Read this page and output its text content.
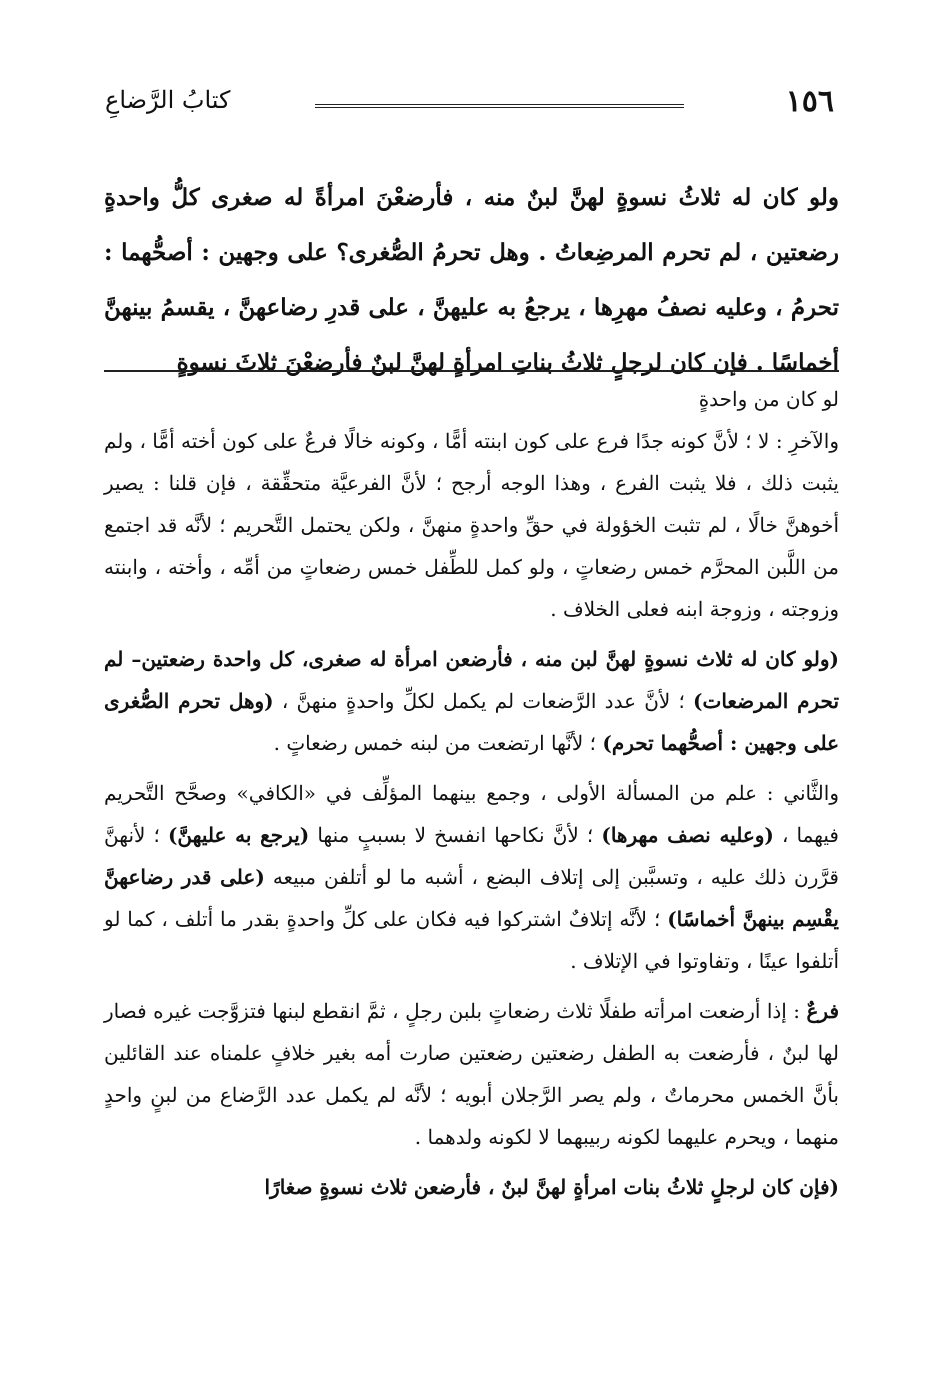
١٥٦
كتابُ الرَّضاعِ

ولو كان له ثلاثُ نسوةٍ لهنَّ لبنٌ منه ، فأرضعْنَ امرأةً له صغرى كلُّ واحدةٍ رضعتين ، لم تحرم المرضِعاتُ . وهل تحرمُ الصُّغرى؟ على وجهين : أصحُّهما : تحرمُ ، وعليه نصفُ مهرِها ، يرجعُ به عليهنَّ ، على قدرِ رضاعهنَّ ، يقسمُ بينهنَّ أخماسًا . فإن كان لرجلٍ ثلاثُ بناتِ امرأةٍ لهنَّ لبنٌ فأرضعْنَ ثلاثَ نسوةٍ

لو كان من واحدةٍ

والآخرِ : لا ؛ لأنَّ كونه جدًا فرع على كون ابنته أمًّا ، وكونه خالًا فرعٌ على كون أخته أمًّا ، ولم يثبت ذلك ، فلا يثبت الفرع ، وهذا الوجه أرجح ؛ لأنَّ الفرعيَّة متحقِّقة ، فإن قلنا : يصير أخوهنَّ خالًا ، لم تثبت الخؤولة في حقِّ واحدةٍ منهنَّ ، ولكن يحتمل التَّحريم ؛ لأنَّه قد اجتمع من اللَّبن المحرَّم خمس رضعاتٍ ، ولو كمل للطِّفل خمس رضعاتٍ من أمِّه ، وأخته ، وابنته وزوجته ، وزوجة ابنه فعلى الخلاف .

(ولو كان له ثلاث نسوةٍ لهنَّ لبن منه ، فأرضعن امرأة له صغرى، كل واحدة رضعتين– لم تحرم المرضعات) ؛ لأنَّ عدد الرَّضعات لم يكمل لكلِّ واحدةٍ منهنَّ ، (وهل تحرم الصُّغرى على وجهين : أصحُّهما تحرم) ؛ لأنَّها ارتضعت من لبنه خمس رضعاتٍ .

والثَّاني : علم من المسألة الأولى ، وجمع بينهما المؤلِّف في «الكافي» وصحَّح التَّحريم فيهما ، (وعليه نصف مهرها) ؛ لأنَّ نكاحها انفسخ لا بسببٍ منها (يرجع به عليهنَّ) ؛ لأنهنَّ قرَّرن ذلك عليه ، وتسبَّبن إلى إتلاف البضع ، أشبه ما لو أتلفن مبيعه (على قدر رضاعهنَّ يقْسِم بينهنَّ أخماسًا) ؛ لأنَّه إتلافٌ اشتركوا فيه فكان على كلِّ واحدةٍ بقدر ما أتلف ، كما لو أتلفوا عينًا ، وتفاوتوا في الإتلاف .

فرعٌ : إذا أرضعت امرأته طفلًا ثلاث رضعاتٍ بلبن رجلٍ ، ثمَّ انقطع لبنها فتزوَّجت غيره فصار لها لبنٌ ، فأرضعت به الطفل رضعتين رضعتين صارت أمه بغير خلافٍ علمناه عند القائلين بأنَّ الخمس محرماتٌ ، ولم يصر الرَّجلان أبويه ؛ لأنَّه لم يكمل عدد الرَّضاع من لبنٍ واحدٍ منهما ، ويحرم عليهما لكونه ربيبهما لا لكونه ولدهما .

(فإن كان لرجلٍ ثلاثُ بنات امرأةٍ لهنَّ لبنٌ ، فأرضعن ثلاث نسوةٍ صغارًا
